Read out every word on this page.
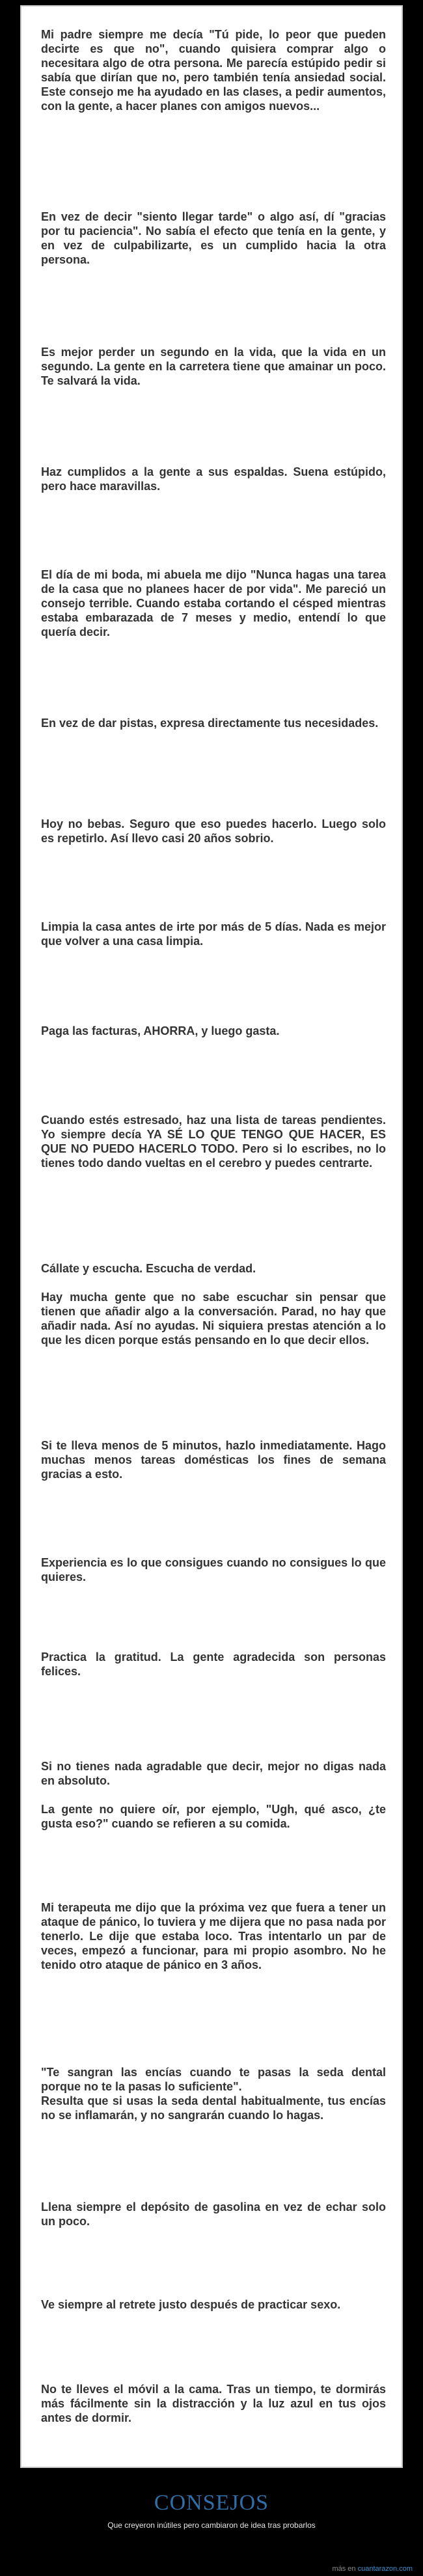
Mi padre siempre me decía "Tú pide, lo peor que pueden decirte es que no", cuando quisiera comprar algo o necesitara algo de otra persona. Me parecía estúpido pedir si sabía que dirían que no, pero también tenía ansiedad social. Este consejo me ha ayudado en las clases, a pedir aumentos, con la gente, a hacer planes con amigos nuevos...

En vez de decir "siento llegar tarde" o algo así, dí "gracias por tu paciencia". No sabía el efecto que tenía en la gente, y en vez de culpabilizarte, es un cumplido hacia la otra persona.

Es mejor perder un segundo en la vida, que la vida en un segundo. La gente en la carretera tiene que amainar un poco. Te salvará la vida.

Haz cumplidos a la gente a sus espaldas. Suena estúpido, pero hace maravillas.

El día de mi boda, mi abuela me dijo "Nunca hagas una tarea de la casa que no planees hacer de por vida". Me pareció un consejo terrible. Cuando estaba cortando el césped mientras estaba embarazada de 7 meses y medio, entendí lo que quería decir.

En vez de dar pistas, expresa directamente tus necesidades.

Hoy no bebas. Seguro que eso puedes hacerlo. Luego solo es repetirlo. Así llevo casi 20 años sobrio.

Limpia la casa antes de irte por más de 5 días. Nada es mejor que volver a una casa limpia.

Paga las facturas, AHORRA, y luego gasta.

Cuando estés estresado, haz una lista de tareas pendientes. Yo siempre decía YA SÉ LO QUE TENGO QUE HACER, ES QUE NO PUEDO HACERLO TODO. Pero si lo escribes, no lo tienes todo dando vueltas en el cerebro y puedes centrarte.

Cállate y escucha. Escucha de verdad.

Hay mucha gente que no sabe escuchar sin pensar que tienen que añadir algo a la conversación. Parad, no hay que añadir nada. Así no ayudas. Ni siquiera prestas atención a lo que les dicen porque estás pensando en lo que decir ellos.

Si te lleva menos de 5 minutos, hazlo inmediatamente. Hago muchas menos tareas domésticas los fines de semana gracias a esto.

Experiencia es lo que consigues cuando no consigues lo que quieres.

Practica la gratitud. La gente agradecida son personas felices.

Si no tienes nada agradable que decir, mejor no digas nada en absoluto.

La gente no quiere oír, por ejemplo, "Ugh, qué asco, ¿te gusta eso?" cuando se refieren a su comida.

Mi terapeuta me dijo que la próxima vez que fuera a tener un ataque de pánico, lo tuviera y me dijera que no pasa nada por tenerlo. Le dije que estaba loco. Tras intentarlo un par de veces, empezó a funcionar, para mi propio asombro. No he tenido otro ataque de pánico en 3 años.

"Te sangran las encías cuando te pasas la seda dental porque no te la pasas lo suficiente".
Resulta que si usas la seda dental habitualmente, tus encías no se inflamarán, y no sangrarán cuando lo hagas.

Llena siempre el depósito de gasolina en vez de echar solo un poco.

Ve siempre al retrete justo después de practicar sexo.

No te lleves el móvil a la cama. Tras un tiempo, te dormirás más fácilmente sin la distracción y la luz azul en tus ojos antes de dormir.

CONSEJOS
Que creyeron inútiles pero cambiaron de idea tras probarlos
más en cuantarazon.com
